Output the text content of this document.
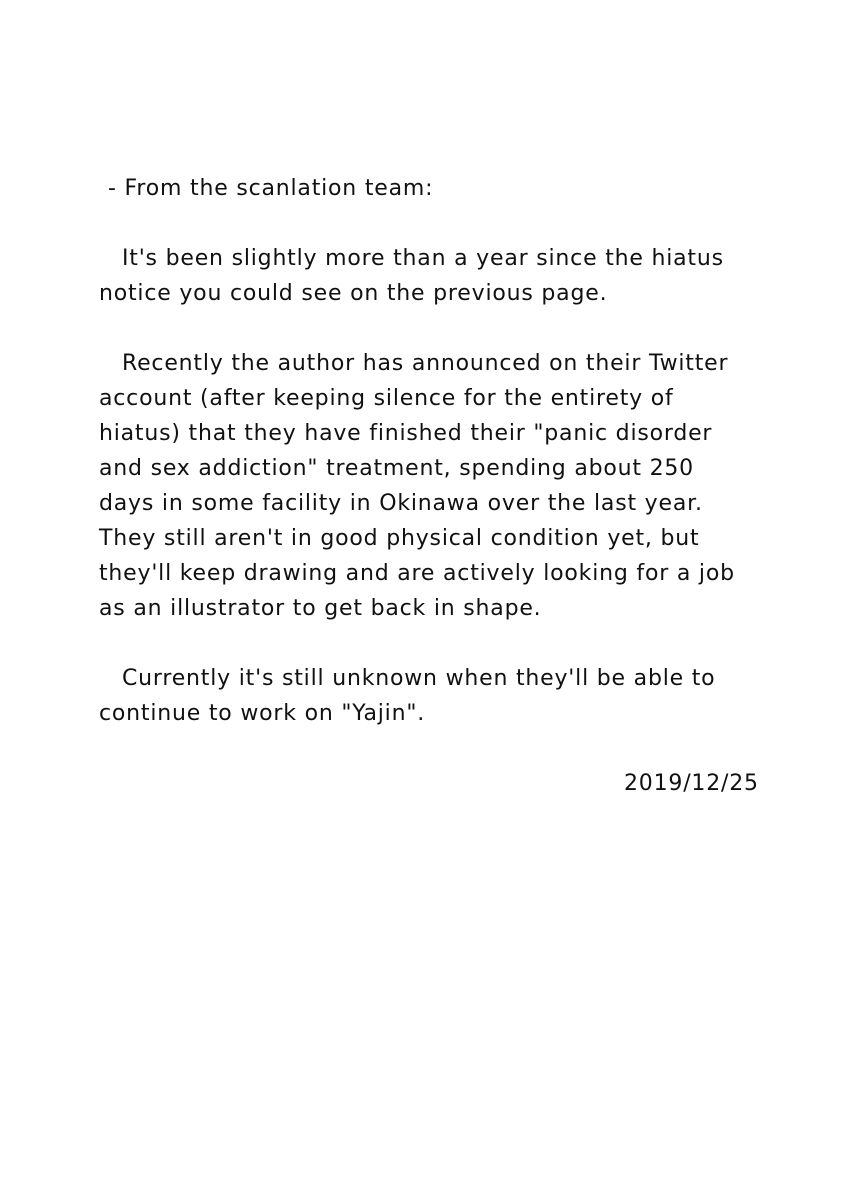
- From the scanlation team:

It's been slightly more than a year since the hiatus

notice you could see on the previous page.

Recently the author has announced on their Twitter

account (after keeping silence for the entirety of

hiatus) that they have finished their "panic disorder

and sex addiction" treatment, spending about 250

days in some facility in Okinawa over the last year.

They still aren't in good physical condition yet, but

they'll keep drawing and are actively looking for a job

as an illustrator to get back in shape.

Currently it's still unknown when they'll be able to

continue to work on "Yajin".

2019/12/25
